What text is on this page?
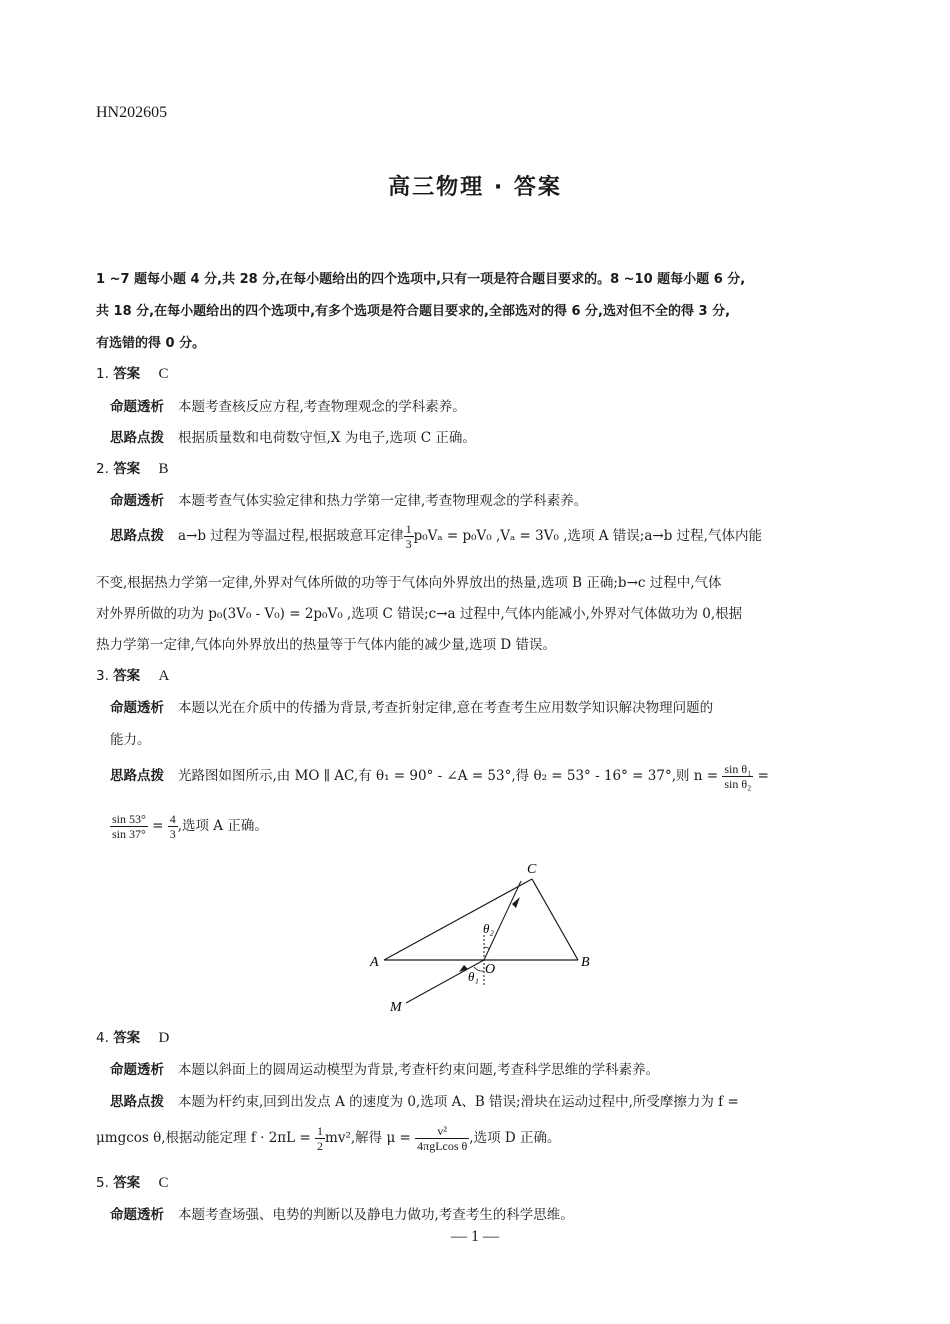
HN202605
高三物理 · 答案
1 ~7 题每小题 4 分,共 28 分,在每小题给出的四个选项中,只有一项是符合题目要求的。8 ~10 题每小题 6 分,
共 18 分,在每小题给出的四个选项中,有多个选项是符合题目要求的,全部选对的得 6 分,选对但不全的得 3 分,
有选错的得 0 分。
1. 答案 C
命题透析 本题考查核反应方程,考查物理观念的学科素养。
思路点拨 根据质量数和电荷数守恒,X 为电子,选项 C 正确。
2. 答案 B
命题透析 本题考查气体实验定律和热力学第一定律,考查物理观念的学科素养。
思路点拨 a→b 过程为等温过程,根据玻意耳定律 $\frac{1}{3} p_0V_a = p_0V_0$ ,Vₐ = 3V₀ ,选项 A 错误;a→b 过程,气体内能
不变,根据热力学第一定律,外界对气体所做的功等于气体向外界放出的热量,选项 B 正确;b→c 过程中,气体
对外界所做的功为 p₀(3V₀ - V₀) = 2p₀V₀ ,选项 C 错误;c→a 过程中,气体内能减小,外界对气体做功为 0,根据
热力学第一定律,气体向外界放出的热量等于气体内能的减少量,选项 D 错误。
3. 答案 A
命题透析 本题以光在介质中的传播为背景,考查折射定律,意在考查考生应用数学知识解决物理问题的
能力。
思路点拨 光路图如图所示,由 MO ∥ AC,有 θ₁ = 90° - ∠A = 53°,得 θ₂ = 53° - 16° = 37°,则 $n = \frac{\text{sin θ₁}}{\text{sin θ₂}}$ =
$\frac{\sin 53^\circ}{\sin 37^\circ} = \frac{4}{3}$ ,选项 A 正确。
A	B
C
O
M
θ₂
θ₁
4. 答案 D
命题透析 本题以斜面上的圆周运动模型为背景,考查杆约束问题,考查科学思维的学科素养。
思路点拨 本题为杆约束,回到出发点 A 的速度为 0,选项 A、B 错误;滑块在运动过程中,所受摩擦力为 f =
μmgcos θ,根据动能定理 $f \cdot 2\pi L = \frac{1}{2} mv^2$,解得 $\mu = \frac{\text{v²}}{\text{4πgLcos θ}}$ ,选项 D 正确。
5. 答案 C
命题透析 本题考查场强、电势的判断以及静电力做功,考查考生的科学思维。
— 1 —
